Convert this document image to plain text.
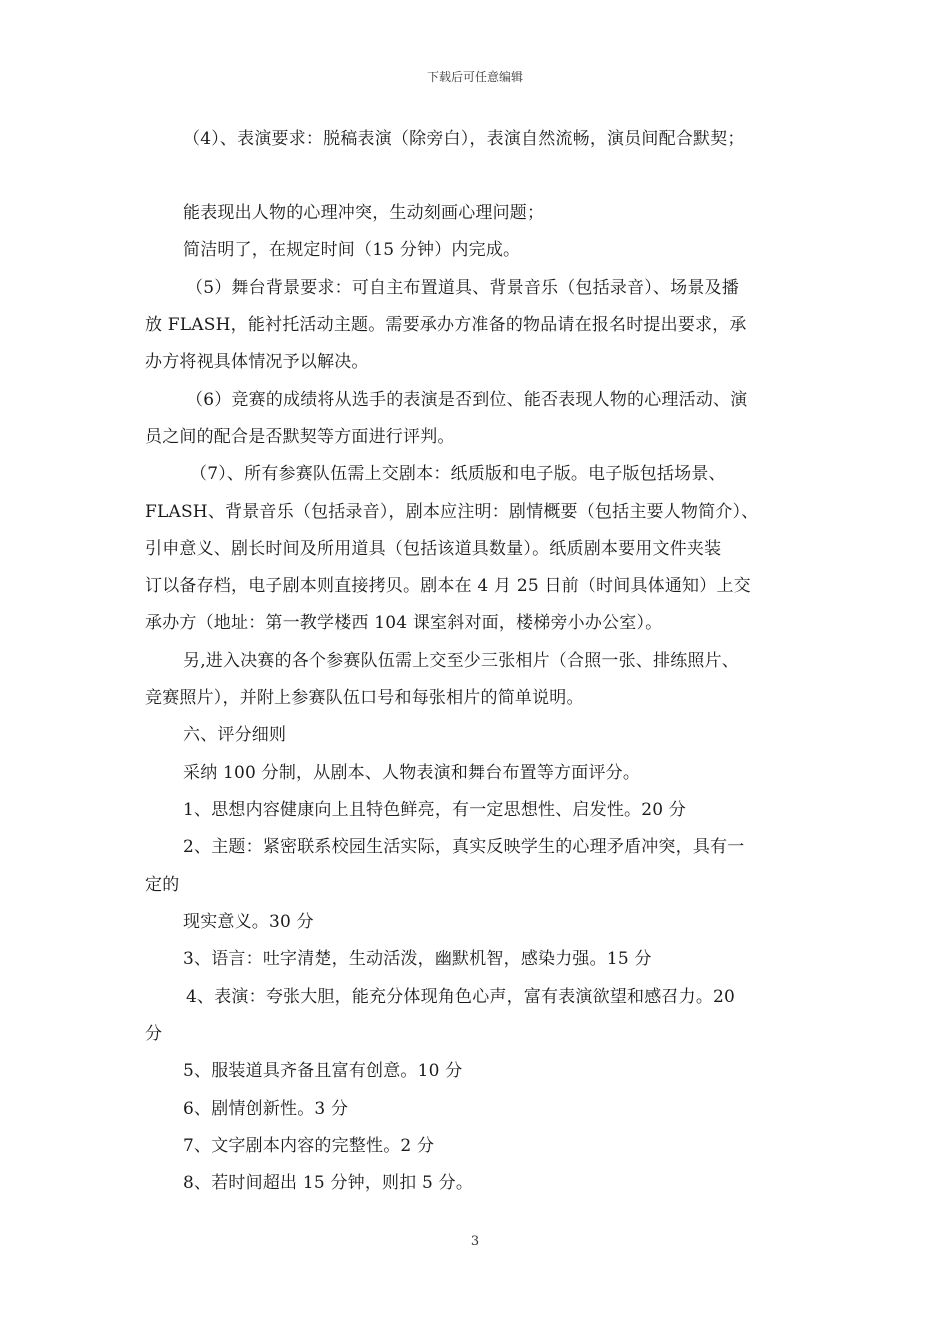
下载后可任意编辑
（4）、表演要求：脱稿表演（除旁白），表演自然流畅，演员间配合默契；
能表现出人物的心理冲突，生动刻画心理问题；
简洁明了，在规定时间（15 分钟）内完成。
（5）舞台背景要求：可自主布置道具、背景音乐（包括录音）、场景及播
放 FLASH，能衬托活动主题。需要承办方准备的物品请在报名时提出要求，承
办方将视具体情况予以解决。
（6）竞赛的成绩将从选手的表演是否到位、能否表现人物的心理活动、演
员之间的配合是否默契等方面进行评判。
（7）、所有参赛队伍需上交剧本：纸质版和电子版。电子版包括场景、
FLASH、背景音乐（包括录音），剧本应注明：剧情概要（包括主要人物简介）、
引申意义、剧长时间及所用道具（包括该道具数量）。纸质剧本要用文件夹装
订以备存档，电子剧本则直接拷贝。剧本在 4 月 25 日前（时间具体通知）上交
承办方（地址：第一教学楼西 104 课室斜对面，楼梯旁小办公室）。
另,进入决赛的各个参赛队伍需上交至少三张相片（合照一张、排练照片、
竞赛照片），并附上参赛队伍口号和每张相片的简单说明。
六、评分细则
采纳 100 分制，从剧本、人物表演和舞台布置等方面评分。
1、思想内容健康向上且特色鲜亮，有一定思想性、启发性。20 分
2、主题：紧密联系校园生活实际，真实反映学生的心理矛盾冲突，具有一
定的
现实意义。30 分
3、语言：吐字清楚，生动活泼，幽默机智，感染力强。15 分
4、表演：夸张大胆，能充分体现角色心声，富有表演欲望和感召力。20
分
5、服装道具齐备且富有创意。10 分
6、剧情创新性。3 分
7、文字剧本内容的完整性。2 分
8、若时间超出 15 分钟，则扣 5 分。
3
